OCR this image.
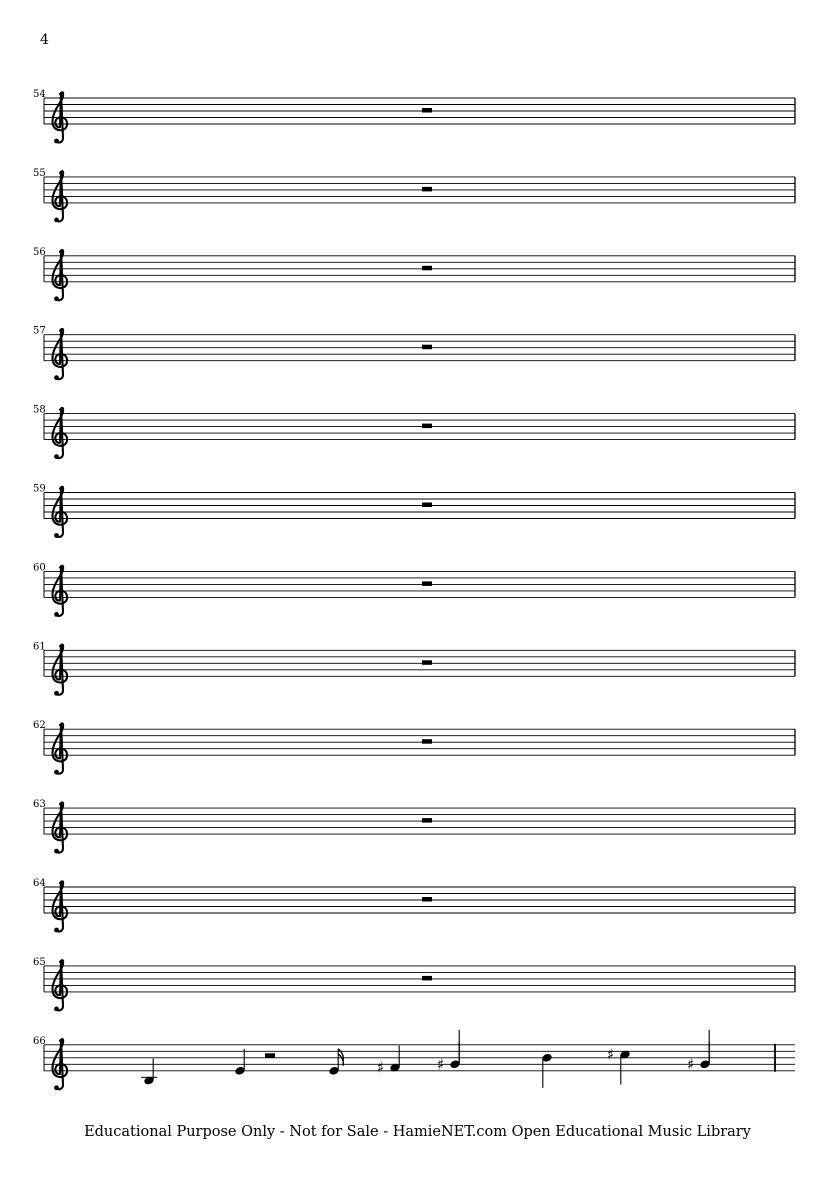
4
54
55
56
57
58
59
60
61
62
63
64
65
66
♯	♯
♯
♯
Educational Purpose Only - Not for Sale - HamieNET.com Open Educational Music Library
